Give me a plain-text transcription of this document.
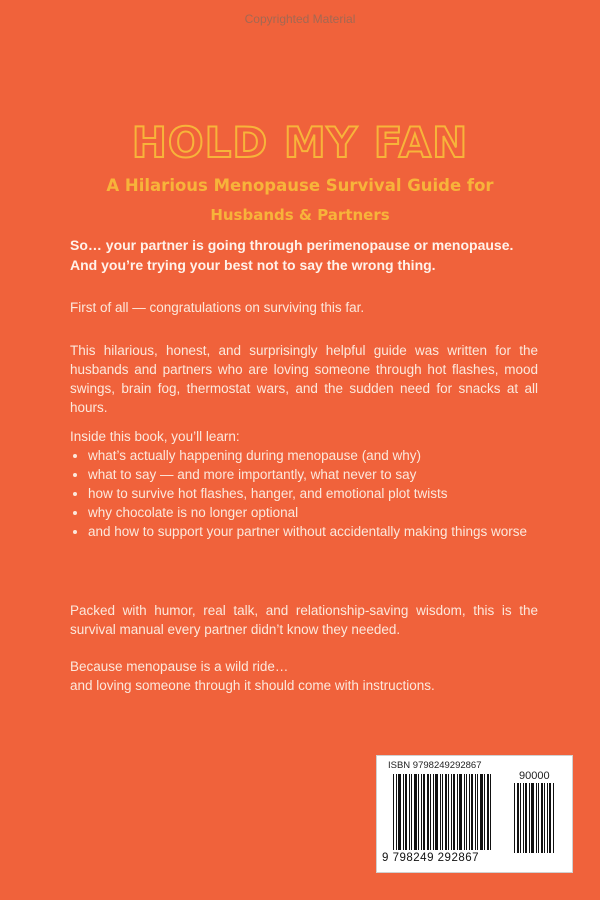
Copyrighted Material
HOLD MY FAN
A Hilarious Menopause Survival Guide for
Husbands & Partners
So… your partner is going through perimenopause or menopause.
And you’re trying your best not to say the wrong thing.
First of all — congratulations on surviving this far.
This hilarious, honest, and surprisingly helpful guide was written for the husbands and partners who are loving someone through hot flashes, mood swings, brain fog, thermostat wars, and the sudden need for snacks at all hours.
Inside this book, you’ll learn:
• what’s actually happening during menopause (and why)
• what to say — and more importantly, what never to say
• how to survive hot flashes, hanger, and emotional plot twists
• why chocolate is no longer optional
• and how to support your partner without accidentally making things worse
Packed with humor, real talk, and relationship-saving wisdom, this is the survival manual every partner didn’t know they needed.
Because menopause is a wild ride…
and loving someone through it should come with instructions.
ISBN 9798249292867
90000
9 798249 292867
